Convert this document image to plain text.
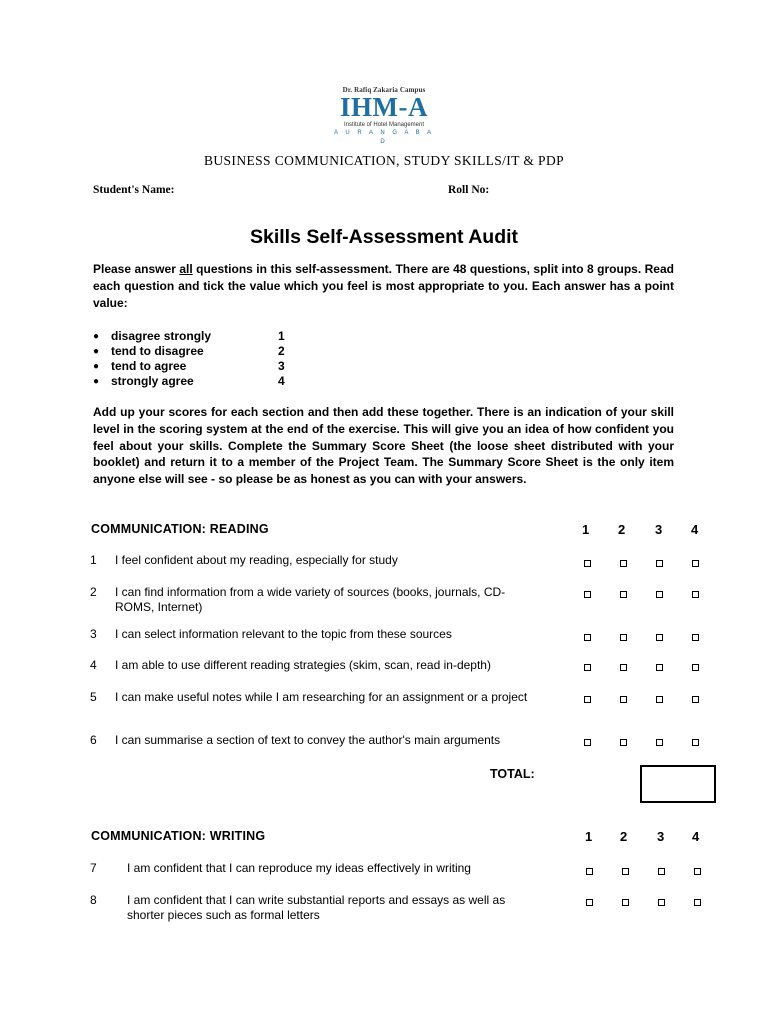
Dr. Rafiq Zakaria Campus
IHM-A
Institute of Hotel Management
A U R A N G A B A D
BUSINESS COMMUNICATION, STUDY SKILLS/IT & PDP
Student's Name:	Roll No:
Skills Self-Assessment Audit
Please answer all questions in this self-assessment. There are 48 questions, split into 8 groups. Read each question and tick the value which you feel is most appropriate to you. Each answer has a point value:
● disagree strongly	1
● tend to disagree	2
● tend to agree	3
● strongly agree	4
Add up your scores for each section and then add these together. There is an indication of your skill level in the scoring system at the end of the exercise. This will give you an idea of how confident you feel about your skills. Complete the Summary Score Sheet (the loose sheet distributed with your booklet) and return it to a member of the Project Team. The Summary Score Sheet is the only item anyone else will see - so please be as honest as you can with your answers.
COMMUNICATION: READING	1 2 3 4
1 I feel confident about my reading, especially for study
2 I can find information from a wide variety of sources (books, journals, CD-ROMS, Internet)
3 I can select information relevant to the topic from these sources
4 I am able to use different reading strategies (skim, scan, read in-depth)
5 I can make useful notes while I am researching for an assignment or a project
6 I can summarise a section of text to convey the author's main arguments
TOTAL:
COMMUNICATION: WRITING	1 2 3 4
7	I am confident that I can reproduce my ideas effectively in writing
8	I am confident that I can write substantial reports and essays as well as shorter pieces such as formal letters
